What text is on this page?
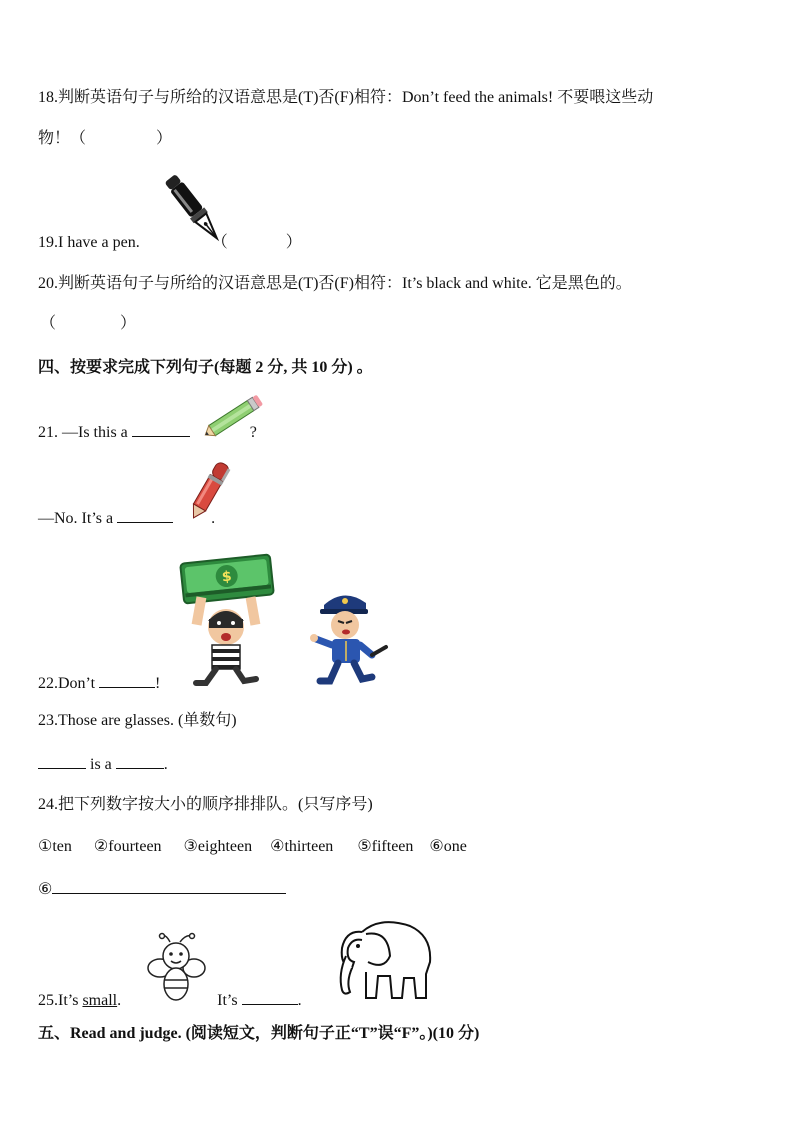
18.判断英语句子与所给的汉语意思是(T)否(F)相符：Don’t feed the animals! 不要喂这些动
物！（	）
19.I have a pen.	（	）
20.判断英语句子与所给的汉语意思是(T)否(F)相符：It’s black and white. 它是黑色的。
（	）
四、按要求完成下列句子(每题 2 分, 共 10 分) 。
21. —Is this a	?
—No. It’s a	.
$
22.Don’t	!
23.Those are glasses. (单数句)
is a	.
24.把下列数字按大小的顺序排排队。(只写序号)
①ten ②fourteen ③eighteen ④thirteen ⑤fifteen ⑥one
⑥
25.It’s small.	It’s	.
五、Read and judge. (阅读短文，判断句子正“T”误“F”。)(10 分)
